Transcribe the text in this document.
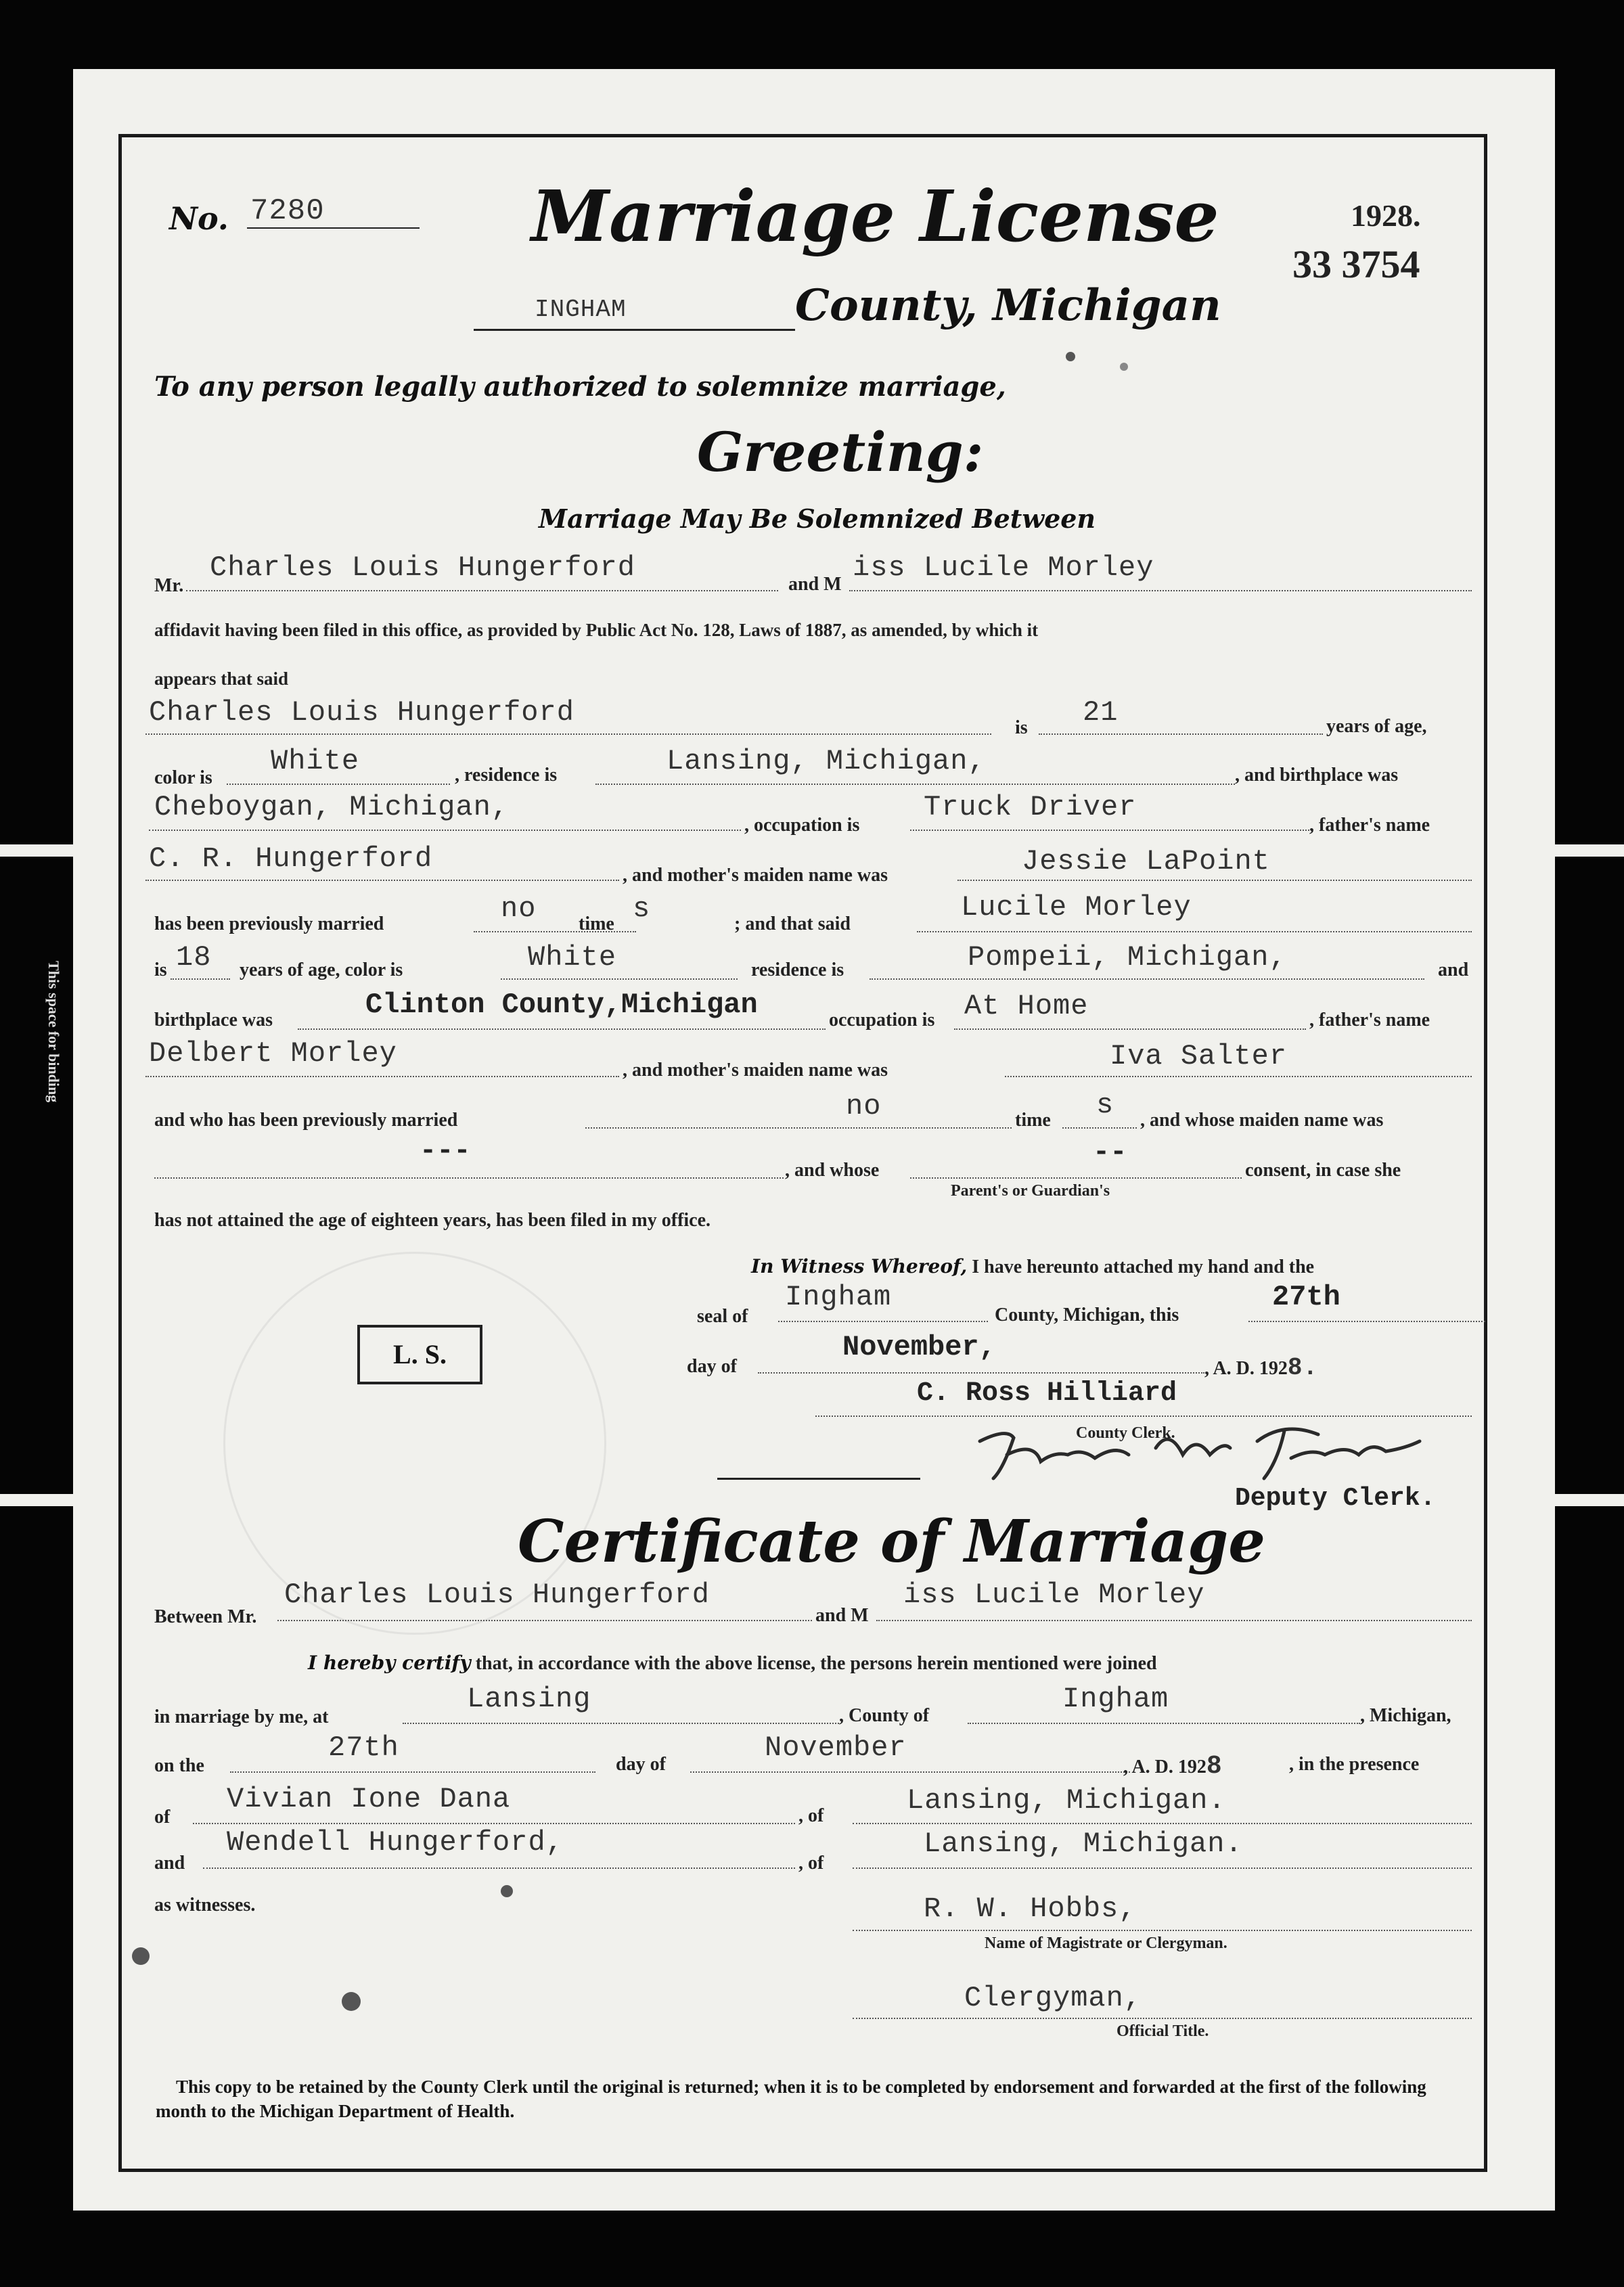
This space for binding
No. 7280	Marriage License	1928.
33 3754
INGHAM	County, Michigan
To any person legally authorized to solemnize marriage,
Greeting:
Marriage May Be Solemnized Between
Mr.
Charles Louis Hungerford
and M
iss Lucile Morley
affidavit having been filed in this office, as provided by Public Act No. 128, Laws of 1887, as amended, by which it
appears that said
Charles Louis Hungerford	is 21	years of age,
color is
White	, residence is	Lansing, Michigan,	, and birthplace was
Cheboygan, Michigan,
, occupation is
Truck Driver
, father's name
C. R. Hungerford
, and mother's maiden name was	Jessie LaPoint
has been previously married	no time s	; and that said
Lucile Morley
is 18 years of age, color is	White	residence is	Pompeii, Michigan,	and
birthplace was	Clinton County,Michigan	occupation is At Home	, father's name
Delbert Morley
, and mother's maiden name was	Iva Salter
and who has been previously married	no	time s , and whose maiden name was
---
, and whose
--
consent, in case she
Parent's or Guardian's
has not attained the age of eighteen years, has been filed in my office.
In Witness Whereof, I have hereunto attached my hand and the
seal of
Ingham
County, Michigan, this
27th
L. S.	day of
November,
, A. D. 1928.
C. Ross Hilliard
County Clerk.
Deputy Clerk.
Certificate of Marriage
Between Mr.
Charles Louis Hungerford
and M
iss Lucile Morley
I hereby certify that, in accordance with the above license, the persons herein mentioned were joined
in marriage by me, at
Lansing
, County of
Ingham
, Michigan,
on the
27th
day of
November
, A. D. 1928	, in the presence
of
Vivian Ione Dana
, of	Lansing, Michigan.
and
Wendell Hungerford,
, of
Lansing, Michigan.
as witnesses.	R. W. Hobbs,
Name of Magistrate or Clergyman.
Clergyman,
Official Title.
This copy to be retained by the County Clerk until the original is returned; when it is to be completed by endorsement and forwarded at the first of the following month to the Michigan Department of Health.
